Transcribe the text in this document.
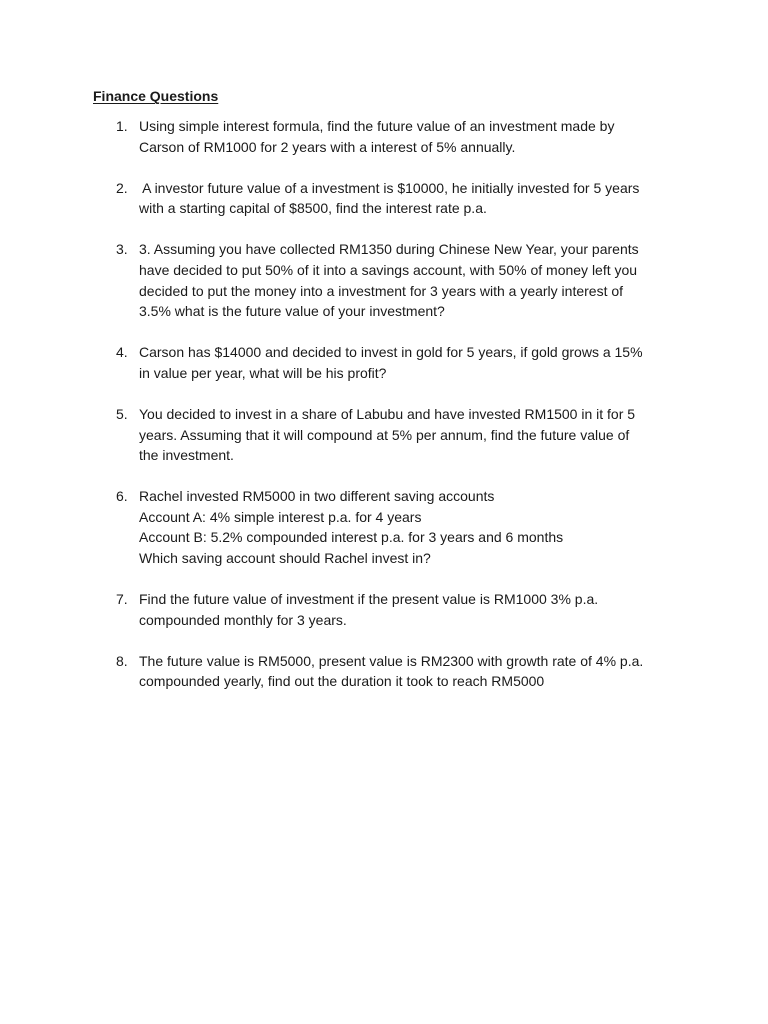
Finance Questions
1. Using simple interest formula, find the future value of an investment made by
Carson of RM1000 for 2 years with a interest of 5% annually.
2. A investor future value of a investment is $10000, he initially invested for 5 years
with a starting capital of $8500, find the interest rate p.a.
3. 3. Assuming you have collected RM1350 during Chinese New Year, your parents
have decided to put 50% of it into a savings account, with 50% of money left you
decided to put the money into a investment for 3 years with a yearly interest of
3.5% what is the future value of your investment?
4. Carson has $14000 and decided to invest in gold for 5 years, if gold grows a 15%
in value per year, what will be his profit?
5. You decided to invest in a share of Labubu and have invested RM1500 in it for 5
years. Assuming that it will compound at 5% per annum, find the future value of
the investment.
6. Rachel invested RM5000 in two different saving accounts
Account A: 4% simple interest p.a. for 4 years
Account B: 5.2% compounded interest p.a. for 3 years and 6 months
Which saving account should Rachel invest in?
7. Find the future value of investment if the present value is RM1000 3% p.a.
compounded monthly for 3 years.
8. The future value is RM5000, present value is RM2300 with growth rate of 4% p.a.
compounded yearly, find out the duration it took to reach RM5000
